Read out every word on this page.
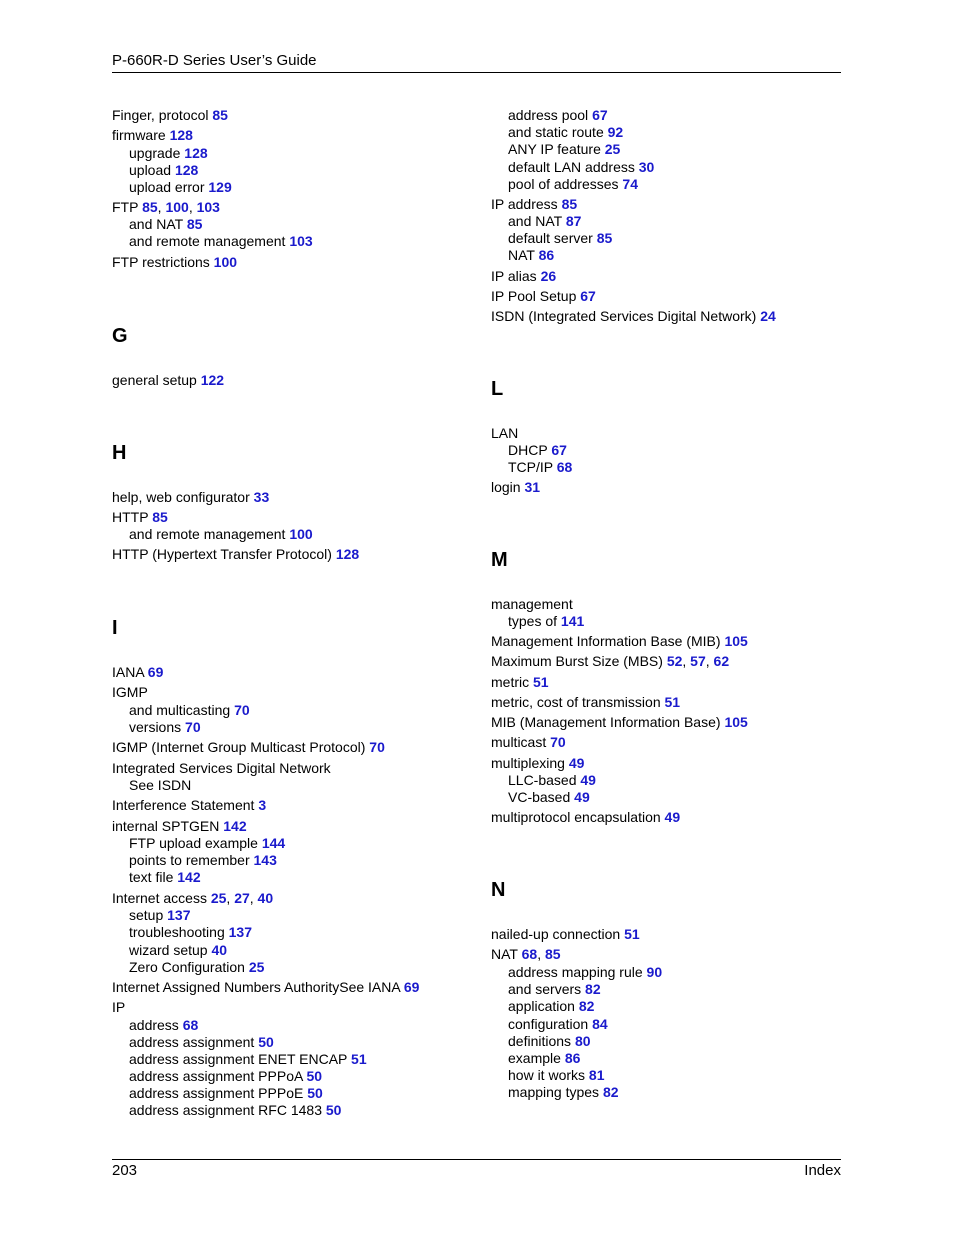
P-660R-D Series User’s Guide
Finger, protocol 85
firmware 128
upgrade 128
upload 128
upload error 129
FTP 85, 100, 103
and NAT 85
and remote management 103
FTP restrictions 100
G
general setup 122
H
help, web configurator 33
HTTP 85
and remote management 100
HTTP (Hypertext Transfer Protocol) 128
I
IANA 69
IGMP
and multicasting 70
versions 70
IGMP (Internet Group Multicast Protocol) 70
Integrated Services Digital Network
See ISDN
Interference Statement 3
internal SPTGEN 142
FTP upload example 144
points to remember 143
text file 142
Internet access 25, 27, 40
setup 137
troubleshooting 137
wizard setup 40
Zero Configuration 25
Internet Assigned Numbers AuthoritySee IANA 69
IP
address 68
address assignment 50
address assignment ENET ENCAP 51
address assignment PPPoA 50
address assignment PPPoE 50
address assignment RFC 1483 50
address pool 67
and static route 92
ANY IP feature 25
default LAN address 30
pool of addresses 74
IP address 85
and NAT 87
default server 85
NAT 86
IP alias 26
IP Pool Setup 67
ISDN (Integrated Services Digital Network) 24
L
LAN
DHCP 67
TCP/IP 68
login 31
M
management
types of 141
Management Information Base (MIB) 105
Maximum Burst Size (MBS) 52, 57, 62
metric 51
metric, cost of transmission 51
MIB (Management Information Base) 105
multicast 70
multiplexing 49
LLC-based 49
VC-based 49
multiprotocol encapsulation 49
N
nailed-up connection 51
NAT 68, 85
address mapping rule 90
and servers 82
application 82
configuration 84
definitions 80
example 86
how it works 81
mapping types 82
203	Index
